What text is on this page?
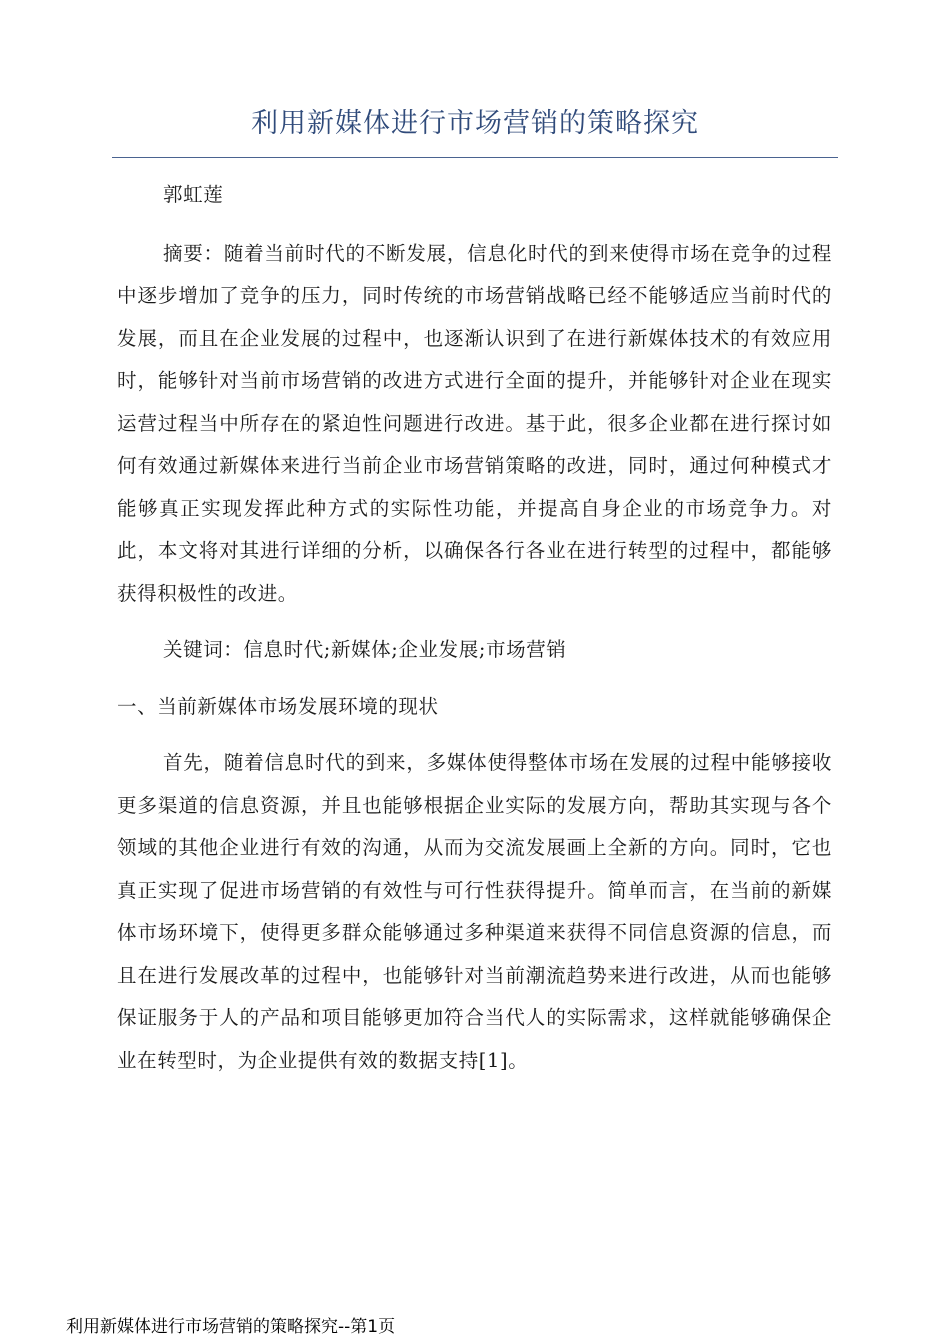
利用新媒体进行市场营销的策略探究

郭虹莲

摘要：随着当前时代的不断发展，信息化时代的到来使得市场在竞争的过程中逐步增加了竞争的压力，同时传统的市场营销战略已经不能够适应当前时代的发展，而且在企业发展的过程中，也逐渐认识到了在进行新媒体技术的有效应用时，能够针对当前市场营销的改进方式进行全面的提升，并能够针对企业在现实运营过程当中所存在的紧迫性问题进行改进。基于此，很多企业都在进行探讨如何有效通过新媒体来进行当前企业市场营销策略的改进，同时，通过何种模式才能够真正实现发挥此种方式的实际性功能，并提高自身企业的市场竞争力。对此，本文将对其进行详细的分析，以确保各行各业在进行转型的过程中，都能够获得积极性的改进。

关键词：信息时代;新媒体;企业发展;市场营销

一、当前新媒体市场发展环境的现状

首先，随着信息时代的到来，多媒体使得整体市场在发展的过程中能够接收更多渠道的信息资源，并且也能够根据企业实际的发展方向，帮助其实现与各个领域的其他企业进行有效的沟通，从而为交流发展画上全新的方向。同时，它也真正实现了促进市场营销的有效性与可行性获得提升。简单而言，在当前的新媒体市场环境下，使得更多群众能够通过多种渠道来获得不同信息资源的信息，而且在进行发展改革的过程中，也能够针对当前潮流趋势来进行改进，从而也能够保证服务于人的产品和项目能够更加符合当代人的实际需求，这样就能够确保企业在转型时，为企业提供有效的数据支持[1]。

利用新媒体进行市场营销的策略探究--第1页
